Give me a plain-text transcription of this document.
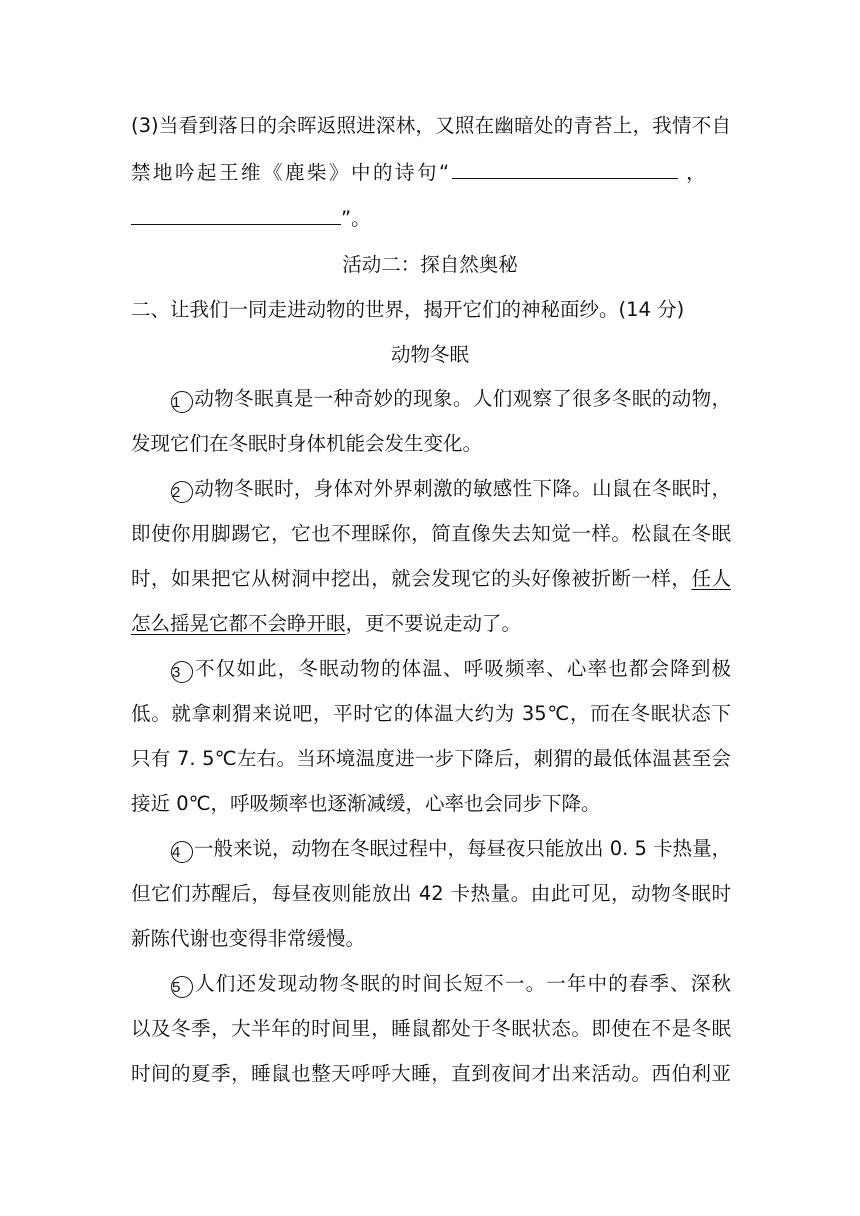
(3)当看到落日的余晖返照进深林，又照在幽暗处的青苔上，我情不自
禁地吟起王维《鹿柴》中的诗句“	，
”。
活动二：探自然奥秘
二、让我们一同走进动物的世界，揭开它们的神秘面纱。(14 分)
动物冬眠
1 动物冬眠真是一种奇妙的现象。人们观察了很多冬眠的动物，
发现它们在冬眠时身体机能会发生变化。
2 动物冬眠时，身体对外界刺激的敏感性下降。山鼠在冬眠时，
即使你用脚踢它，它也不理睬你，简直像失去知觉一样。松鼠在冬眠
时，如果把它从树洞中挖出，就会发现它的头好像被折断一样，任人
怎么摇晃它都不会睁开眼，更不要说走动了。
3 不仅如此，冬眠动物的体温、呼吸频率、心率也都会降到极
低。就拿刺猬来说吧，平时它的体温大约为 35℃，而在冬眠状态下
只有 7. 5℃左右。当环境温度进一步下降后，刺猬的最低体温甚至会
接近 0℃，呼吸频率也逐渐减缓，心率也会同步下降。
4 一般来说，动物在冬眠过程中，每昼夜只能放出 0. 5 卡热量，
但它们苏醒后，每昼夜则能放出 42 卡热量。由此可见，动物冬眠时
新陈代谢也变得非常缓慢。
5 人们还发现动物冬眠的时间长短不一。一年中的春季、深秋
以及冬季，大半年的时间里，睡鼠都处于冬眠状态。即使在不是冬眠
时间的夏季，睡鼠也整天呼呼大睡，直到夜间才出来活动。西伯利亚
